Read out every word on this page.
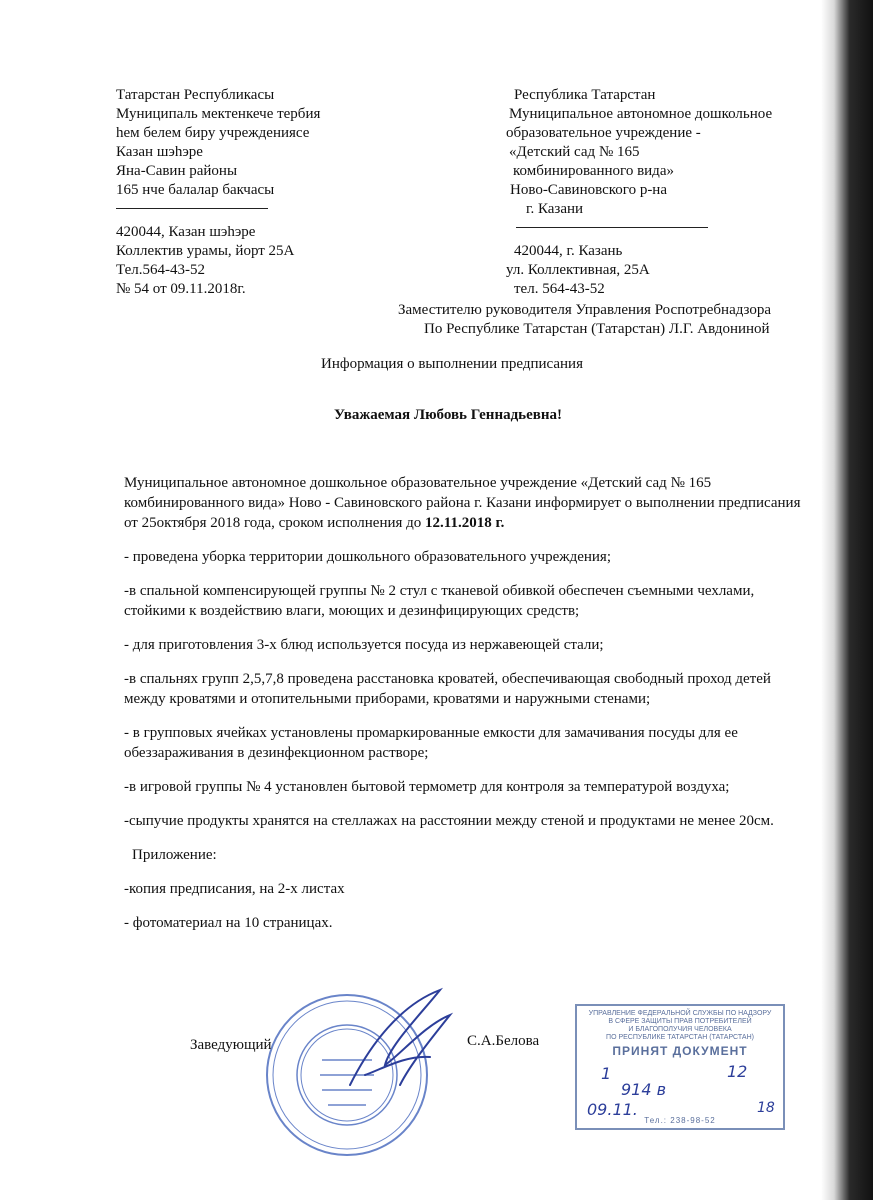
Татарстан Республикасы
Муниципаль мектенкече тербия
hем белем биру учреждениясе
Казан шэhэре
Яна-Савин районы
165 нче балалар бакчасы
420044, Казан шэhэре
Коллектив урамы, йорт 25А
Тел.564-43-52
№ 54 от 09.11.2018г.
Республика Татарстан
Муниципальное автономное дошкольное
образовательное учреждение -
«Детский сад № 165
комбинированного вида»
Ново-Савиновского р-на
г. Казани
420044, г. Казань
ул. Коллективная, 25А
тел. 564-43-52
Заместителю руководителя Управления Роспотребнадзора
По Республике Татарстан (Татарстан) Л.Г. Авдониной
Информация о выполнении предписания
Уважаемая Любовь Геннадьевна!

Муниципальное автономное дошкольное образовательное учреждение «Детский сад № 165 комбинированного вида» Ново - Савиновского района г. Казани информирует о выполнении предписания от 25октября 2018 года, сроком исполнения до 12.11.2018 г.

- проведена уборка территории дошкольного образовательного учреждения;

-в спальной компенсирующей группы № 2 стул с тканевой обивкой обеспечен съемными чехлами, стойкими к воздействию влаги, моющих и дезинфицирующих средств;

- для приготовления 3-х блюд используется посуда из нержавеющей стали;

-в спальнях групп 2,5,7,8 проведена расстановка кроватей, обеспечивающая свободный проход детей между кроватями и отопительными приборами, кроватями и наружными стенами;

- в групповых ячейках установлены промаркированные емкости для замачивания посуды для ее обеззараживания в дезинфекционном растворе;

-в игровой группы № 4 установлен бытовой термометр для контроля за температурой воздуха;

-сыпучие продукты хранятся на стеллажах на расстоянии между стеной и продуктами не менее 20см.

Приложение:

-копия предписания, на 2-х листах

- фотоматериал на 10 страницах.

Заведующий	С.А.Белова
УПРАВЛЕНИЕ ФЕДЕРАЛЬНОЙ СЛУЖБЫ ПО НАДЗОРУ
В СФЕРЕ ЗАЩИТЫ ПРАВ ПОТРЕБИТЕЛЕЙ
И БЛАГОПОЛУЧИЯ ЧЕЛОВЕКА
ПО РЕСПУБЛИКЕ ТАТАРСТАН (ТАТАРСТАН)
ПРИНЯТ ДОКУМЕНТ
1	12
914 в
09.11.	18
Тел.: 238-98-52
